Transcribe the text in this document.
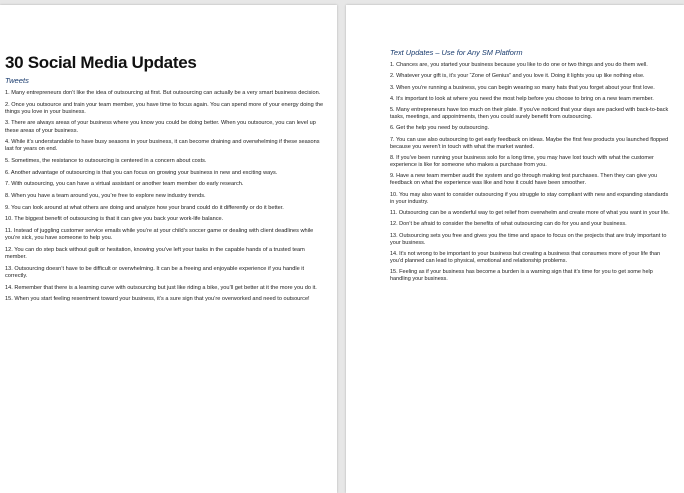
30 Social Media Updates
Tweets

1. Many entrepreneurs don’t like the idea of outsourcing at first. But outsourcing can actually be a very smart business decision.

2. Once you outsource and train your team member, you have time to focus again. You can spend more of your energy doing the things you love in your business.

3. There are always areas of your business where you know you could be doing better. When you outsource, you can level up these areas of your business.

4. While it’s understandable to have busy seasons in your business, it can become draining and overwhelming if these seasons last for years on end.

5. Sometimes, the resistance to outsourcing is centered in a concern about costs.

6. Another advantage of outsourcing is that you can focus on growing your business in new and exciting ways.

7. With outsourcing, you can have a virtual assistant or another team member do early research.

8. When you have a team around you, you’re free to explore new industry trends.

9. You can look around at what others are doing and analyze how your brand could do it differently or do it better.

10. The biggest benefit of outsourcing is that it can give you back your work-life balance.

11. Instead of juggling customer service emails while you’re at your child’s soccer game or dealing with client deadlines while you’re sick, you have someone to help you.

12. You can do step back without guilt or hesitation, knowing you’ve left your tasks in the capable hands of a trusted team member.

13. Outsourcing doesn’t have to be difficult or overwhelming. It can be a freeing and enjoyable experience if you handle it correctly.

14. Remember that there is a learning curve with outsourcing but just like riding a bike, you’ll get better at it the more you do it.

15. When you start feeling resentment toward your business, it’s a sure sign that you’re overworked and need to outsource!

Text Updates – Use for Any SM Platform

1. Chances are, you started your business because you like to do one or two things and you do them well.

2. Whatever your gift is, it’s your “Zone of Genius” and you love it. Doing it lights you up like nothing else.

3. When you’re running a business, you can begin wearing so many hats that you forget about your first love.

4. It’s important to look at where you need the most help before you choose to bring on a new team member.

5. Many entrepreneurs have too much on their plate. If you’ve noticed that your days are packed with back-to-back tasks, meetings, and appointments, then you could surely benefit from outsourcing.

6. Get the help you need by outsourcing.

7. You can use also outsourcing to get early feedback on ideas. Maybe the first few products you launched flopped because you weren’t in touch with what the market wanted.

8. If you’ve been running your business solo for a long time, you may have lost touch with what the customer experience is like for someone who makes a purchase from you.

9. Have a new team member audit the system and go through making test purchases. Then they can give you feedback on what the experience was like and how it could have been smoother.

10. You may also want to consider outsourcing if you struggle to stay compliant with new and expanding standards in your industry.

11. Outsourcing can be a wonderful way to get relief from overwhelm and create more of what you want in your life.

12. Don’t be afraid to consider the benefits of what outsourcing can do for you and your business.

13. Outsourcing sets you free and gives you the time and space to focus on the projects that are truly important to your business.

14. It’s not wrong to be important to your business but creating a business that consumes more of your life than you’d planned can lead to physical, emotional and relationship problems.

15. Feeling as if your business has become a burden is a warning sign that it’s time for you to get some help handling your business.
